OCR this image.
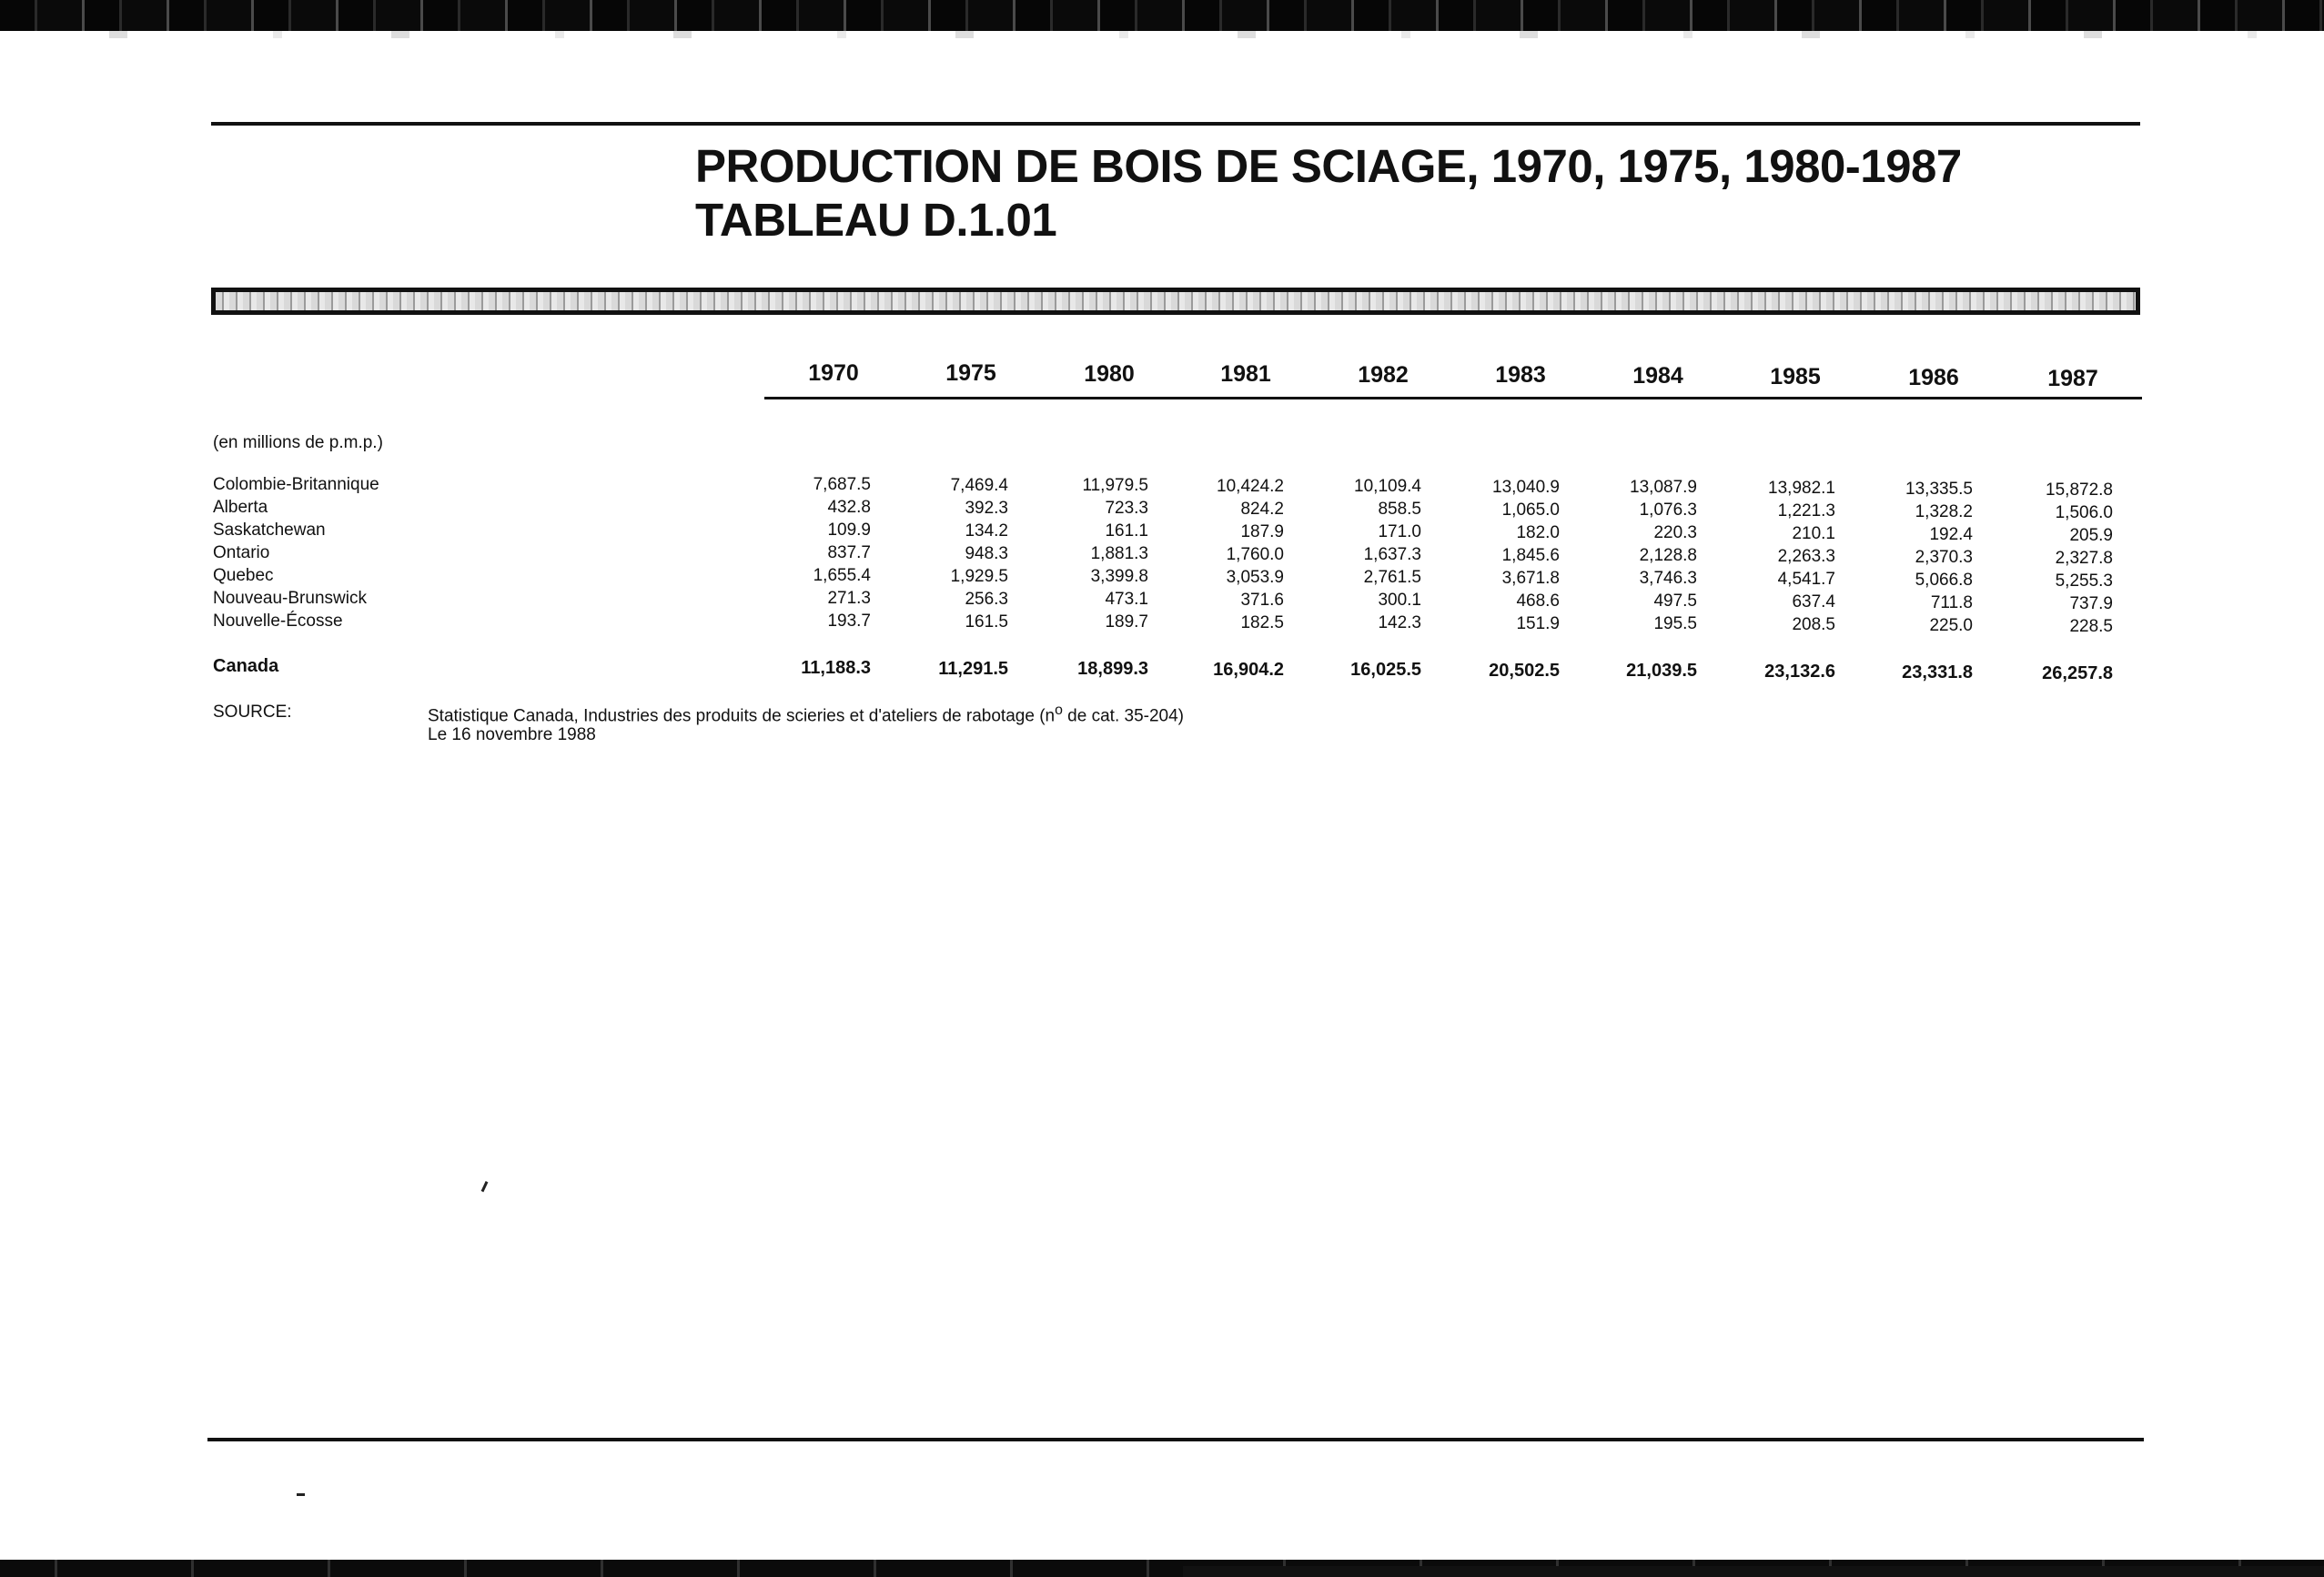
PRODUCTION DE BOIS DE SCIAGE, 1970, 1975, 1980-1987
TABLEAU D.1.01
1970	1975	1980	1981	1982	1983	1984	1985	1986	1987
(en millions de p.m.p.)
Colombie-Britannique	7,687.5	7,469.4	11,979.5	10,424.2	10,109.4	13,040.9	13,087.9	13,982.1	13,335.5	15,872.8
Alberta	432.8	392.3	723.3	824.2	858.5	1,065.0	1,076.3	1,221.3	1,328.2	1,506.0
Saskatchewan	109.9	134.2	161.1	187.9	171.0	182.0	220.3	210.1	192.4	205.9
Ontario	837.7	948.3	1,881.3	1,760.0	1,637.3	1,845.6	2,128.8	2,263.3	2,370.3	2,327.8
Quebec	1,655.4	1,929.5	3,399.8	3,053.9	2,761.5	3,671.8	3,746.3	4,541.7	5,066.8	5,255.3
Nouveau-Brunswick	271.3	256.3	473.1	371.6	300.1	468.6	497.5	637.4	711.8	737.9
Nouvelle-Écosse	193.7	161.5	189.7	182.5	142.3	151.9	195.5	208.5	225.0	228.5
Canada	11,188.3	11,291.5	18,899.3	16,904.2	16,025.5	20,502.5	21,039.5	23,132.6	23,331.8	26,257.8
SOURCE:	Statistique Canada, Industries des produits de scieries et d'ateliers de rabotage ($n^o$ de cat. 35-204)
Le 16 novembre 1988
